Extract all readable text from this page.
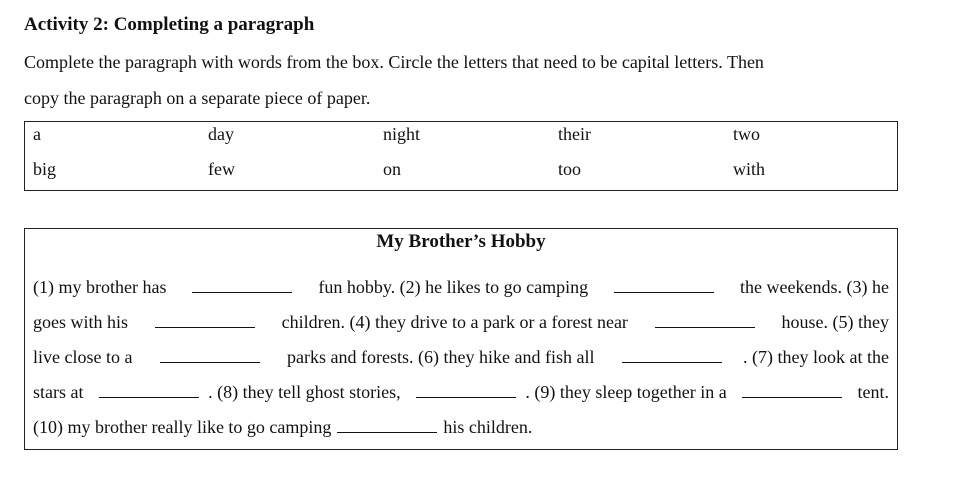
Activity 2: Completing a paragraph
Complete the paragraph with words from the box. Circle the letters that need to be capital letters. Then
copy the paragraph on a separate piece of paper.
a	day	night	their	two
big	few	on	too	with
My Brother’s Hobby
(1) my brother has	fun hobby. (2) he likes to go camping	the weekends. (3) he
goes with his	children. (4) they drive to a park or a forest near	house. (5) they
live close to a	parks and forests. (6) they hike and fish all	. (7) they look at the
stars at	. (8) they tell ghost stories,	. (9) they sleep together in a	tent.
(10) my brother really like to go camping	his children.
